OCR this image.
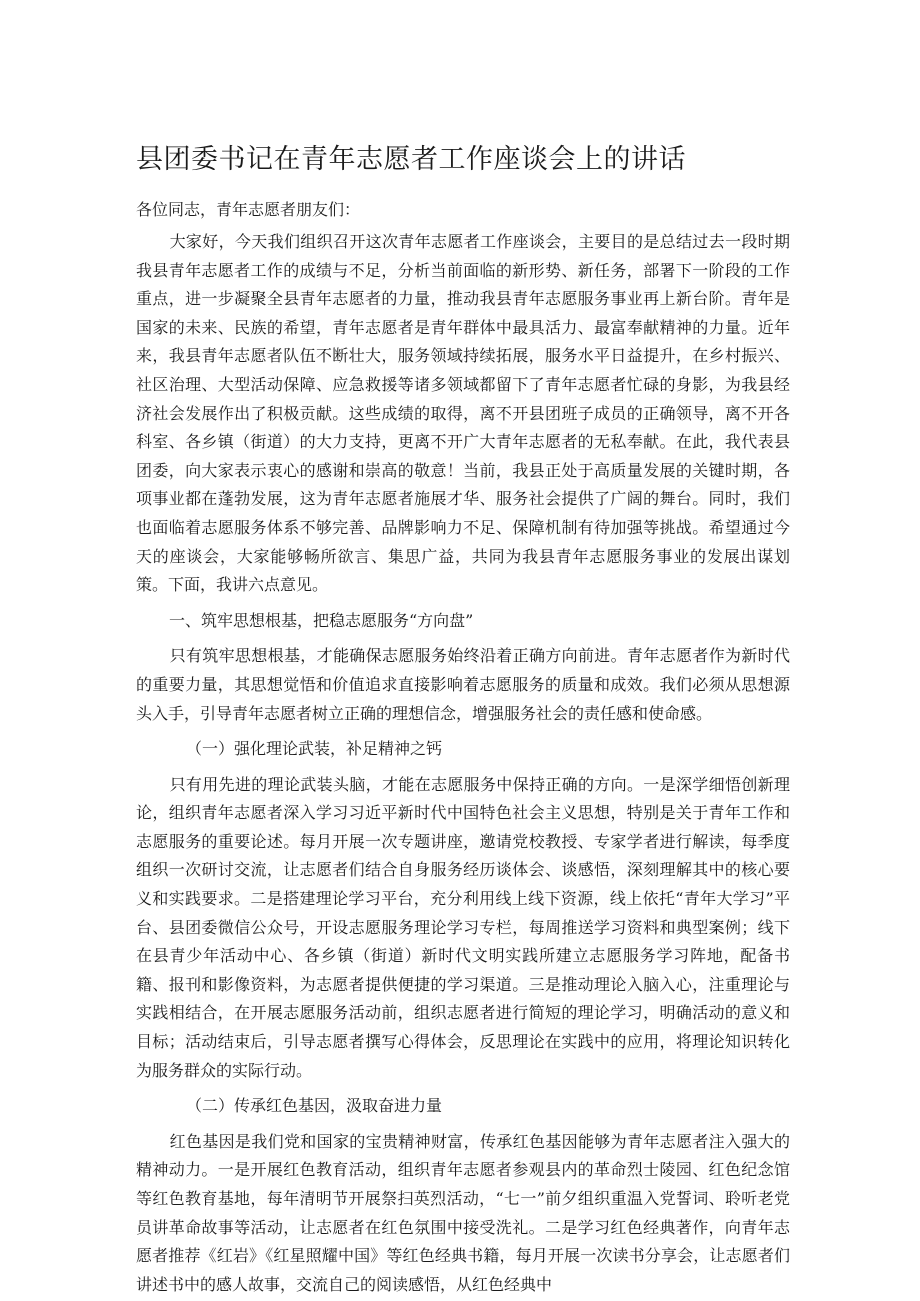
县团委书记在青年志愿者工作座谈会上的讲话

各位同志，青年志愿者朋友们：

大家好，今天我们组织召开这次青年志愿者工作座谈会，主要目的是总结过去一段时期我县青年志愿者工作的成绩与不足，分析当前面临的新形势、新任务，部署下一阶段的工作重点，进一步凝聚全县青年志愿者的力量，推动我县青年志愿服务事业再上新台阶。青年是国家的未来、民族的希望，青年志愿者是青年群体中最具活力、最富奉献精神的力量。近年来，我县青年志愿者队伍不断壮大，服务领域持续拓展，服务水平日益提升，在乡村振兴、社区治理、大型活动保障、应急救援等诸多领域都留下了青年志愿者忙碌的身影，为我县经济社会发展作出了积极贡献。这些成绩的取得，离不开县团班子成员的正确领导，离不开各科室、各乡镇（街道）的大力支持，更离不开广大青年志愿者的无私奉献。在此，我代表县团委，向大家表示衷心的感谢和崇高的敬意！当前，我县正处于高质量发展的关键时期，各项事业都在蓬勃发展，这为青年志愿者施展才华、服务社会提供了广阔的舞台。同时，我们也面临着志愿服务体系不够完善、品牌影响力不足、保障机制有待加强等挑战。希望通过今天的座谈会，大家能够畅所欲言、集思广益，共同为我县青年志愿服务事业的发展出谋划策。下面，我讲六点意见。

一、筑牢思想根基，把稳志愿服务“方向盘”

只有筑牢思想根基，才能确保志愿服务始终沿着正确方向前进。青年志愿者作为新时代的重要力量，其思想觉悟和价值追求直接影响着志愿服务的质量和成效。我们必须从思想源头入手，引导青年志愿者树立正确的理想信念，增强服务社会的责任感和使命感。

（一）强化理论武装，补足精神之钙

只有用先进的理论武装头脑，才能在志愿服务中保持正确的方向。一是深学细悟创新理论，组织青年志愿者深入学习习近平新时代中国特色社会主义思想，特别是关于青年工作和志愿服务的重要论述。每月开展一次专题讲座，邀请党校教授、专家学者进行解读，每季度组织一次研讨交流，让志愿者们结合自身服务经历谈体会、谈感悟，深刻理解其中的核心要义和实践要求。二是搭建理论学习平台，充分利用线上线下资源，线上依托“青年大学习”平台、县团委微信公众号，开设志愿服务理论学习专栏，每周推送学习资料和典型案例；线下在县青少年活动中心、各乡镇（街道）新时代文明实践所建立志愿服务学习阵地，配备书籍、报刊和影像资料，为志愿者提供便捷的学习渠道。三是推动理论入脑入心，注重理论与实践相结合，在开展志愿服务活动前，组织志愿者进行简短的理论学习，明确活动的意义和目标；活动结束后，引导志愿者撰写心得体会，反思理论在实践中的应用，将理论知识转化为服务群众的实际行动。

（二）传承红色基因，汲取奋进力量

红色基因是我们党和国家的宝贵精神财富，传承红色基因能够为青年志愿者注入强大的精神动力。一是开展红色教育活动，组织青年志愿者参观县内的革命烈士陵园、红色纪念馆等红色教育基地，每年清明节开展祭扫英烈活动，“七一”前夕组织重温入党誓词、聆听老党员讲革命故事等活动，让志愿者在红色氛围中接受洗礼。二是学习红色经典著作，向青年志愿者推荐《红岩》《红星照耀中国》等红色经典书籍，每月开展一次读书分享会，让志愿者们讲述书中的感人故事，交流自己的阅读感悟，从红色经典中
